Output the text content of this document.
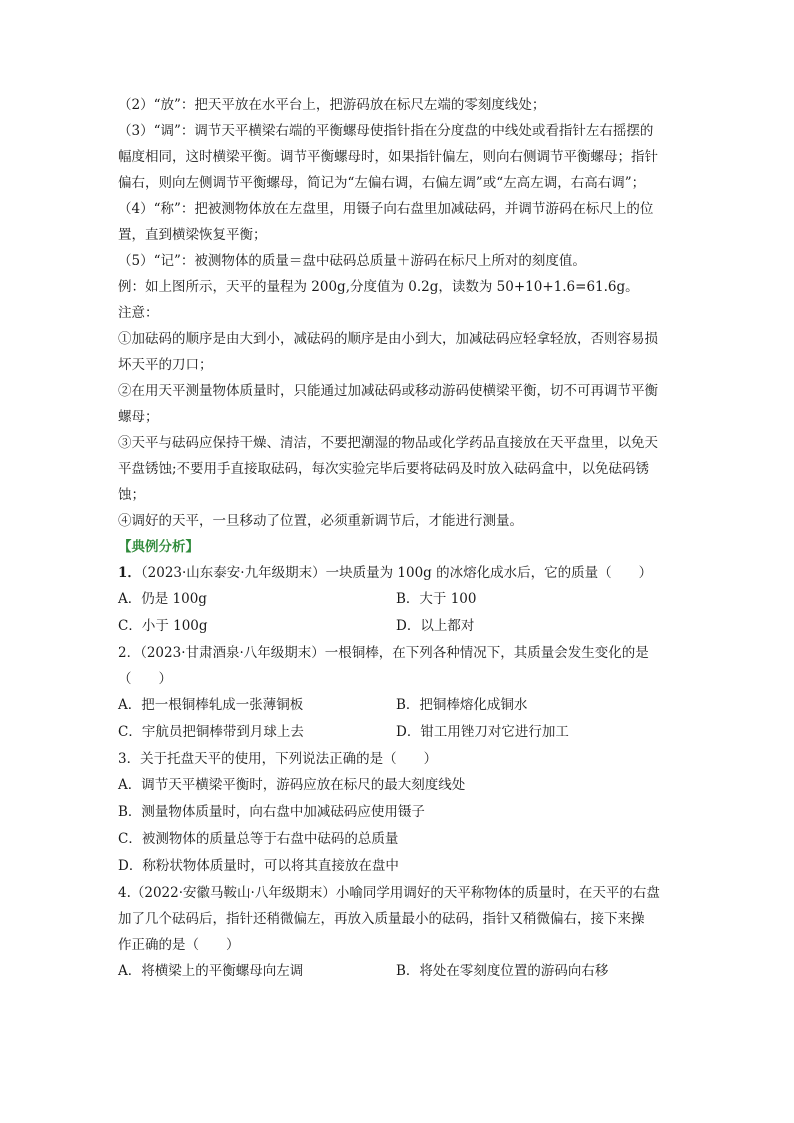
（2）“放”：把天平放在水平台上，把游码放在标尺左端的零刻度线处；
（3）“调”：调节天平横梁右端的平衡螺母使指针指在分度盘的中线处或看指针左右摇摆的
幅度相同，这时横梁平衡。调节平衡螺母时，如果指针偏左，则向右侧调节平衡螺母；指针
偏右，则向左侧调节平衡螺母，简记为“左偏右调，右偏左调”或“左高左调，右高右调”；
（4）“称”：把被测物体放在左盘里，用镊子向右盘里加减砝码，并调节游码在标尺上的位
置，直到横梁恢复平衡；
（5）“记”：被测物体的质量＝盘中砝码总质量＋游码在标尺上所对的刻度值。
例：如上图所示，天平的量程为 200g,分度值为 0.2g，读数为 50+10+1.6=61.6g。
注意：
①加砝码的顺序是由大到小，减砝码的顺序是由小到大，加减砝码应轻拿轻放，否则容易损
坏天平的刀口；
②在用天平测量物体质量时，只能通过加减砝码或移动游码使横梁平衡，切不可再调节平衡
螺母；
③天平与砝码应保持干燥、清洁，不要把潮湿的物品或化学药品直接放在天平盘里，以免天
平盘锈蚀;不要用手直接取砝码，每次实验完毕后要将砝码及时放入砝码盒中，以免砝码锈
蚀；
④调好的天平，一旦移动了位置，必须重新调节后，才能进行测量。
【典例分析】
1．（2023·山东泰安·九年级期末）一块质量为 100g 的冰熔化成水后，它的质量（　　）
A．仍是 100g	B．大于 100
C．小于 100g	D．以上都对
2．（2023·甘肃酒泉·八年级期末）一根铜棒，在下列各种情况下，其质量会发生变化的是
（　　）
A．把一根铜棒轧成一张薄铜板	B．把铜棒熔化成铜水
C．宇航员把铜棒带到月球上去	D．钳工用锉刀对它进行加工
3．关于托盘天平的使用，下列说法正确的是（　　）
A．调节天平横梁平衡时，游码应放在标尺的最大刻度线处
B．测量物体质量时，向右盘中加减砝码应使用镊子
C．被测物体的质量总等于右盘中砝码的总质量
D．称粉状物体质量时，可以将其直接放在盘中
4.（2022·安徽马鞍山·八年级期末）小喻同学用调好的天平称物体的质量时，在天平的右盘
加了几个砝码后，指针还稍微偏左，再放入质量最小的砝码，指针又稍微偏右，接下来操
作正确的是（　　）
A．将横梁上的平衡螺母向左调	B．将处在零刻度位置的游码向右移
